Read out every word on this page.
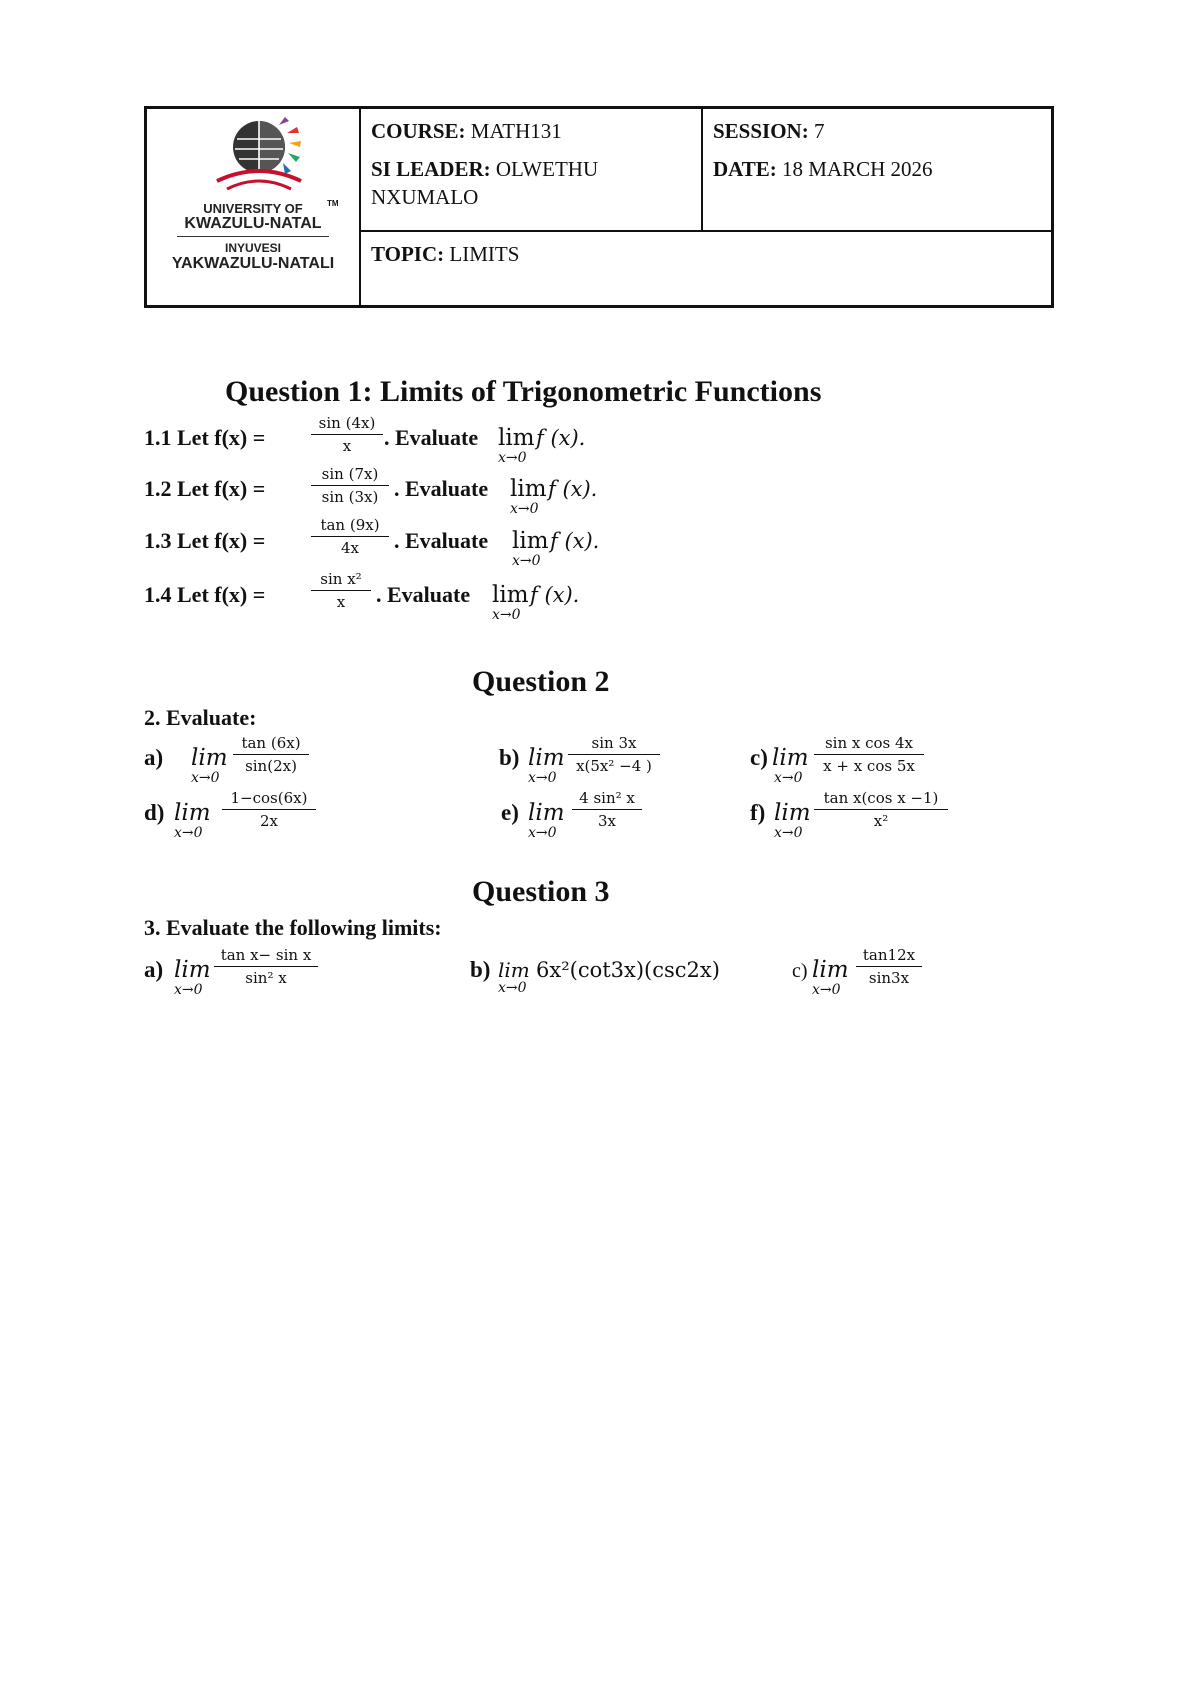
UNIVERSITY OF	TM
KWAZULU-NATAL
INYUVESI
YAKWAZULU-NATALI
COURSE: MATH131
SI LEADER: OLWETHU NXUMALO
SESSION: 7
DATE: 18 MARCH 2026
TOPIC: LIMITS
Question 1: Limits of Trigonometric Functions
1.1 Let f(x) =	$\frac{\sin (4x)}{x}$ . Evaluate lim
x→0
f (x).
1.2 Let f(x) =	$\frac{\sin (7x)}{\sin (3x)}$ . Evaluate lim
x→0
f (x).
1.3 Let f(x) =	$\frac{\tan (9x)}{4x}$ . Evaluate lim
x→0
f (x).
1.4 Let f(x) =	$\frac{\text{sin x²}}{x}$ . Evaluate lim
x→0
f (x).
Question 2
2. Evaluate:
a) lim
x→0
$\frac{\tan (6x)}{\sin(2x)}$	b) lim
x→0
$\frac{\sin 3x}{\text{x(5x² −4 )}}$	c) lim
x→0
$\frac{\text{sin x cos 4x}}{\text{x + x cos 5x}}$
d) lim
x→0
$\frac{1-\cos(6x)}{2x}$	e) lim
x→0
$\frac{\text{4 sin² x}}{3x}$	f) lim
x→0
$\frac{\text{tan x(cos x −1)}}{\text{x²}}$
Question 3
3. Evaluate the following limits:
a) lim
x→0
$\frac{\text{tan x− sin x}}{\text{sin² x}}$	b) lim
x→0
6x²(cot3x)(csc2x)	c) lim
x→0
$\frac{\tan 12x}{\sin 3x}$
